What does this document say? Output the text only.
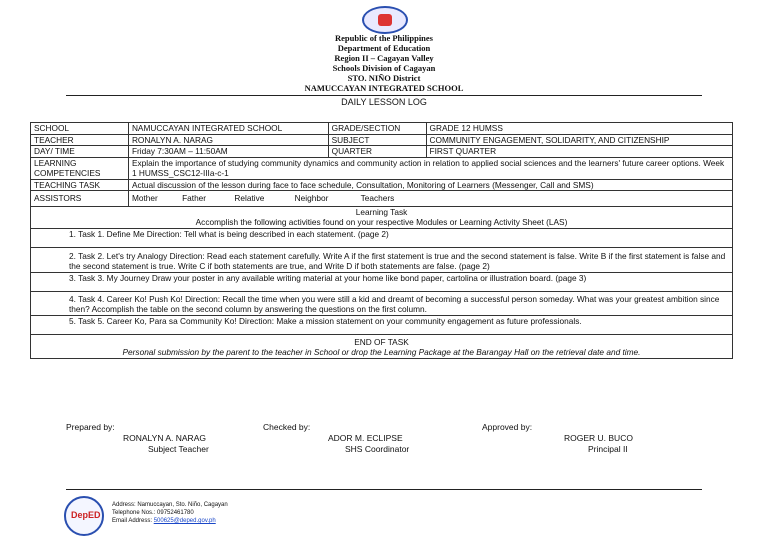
Republic of the Philippines
Department of Education
Region II – Cagayan Valley
Schools Division of Cagayan
STO. NIÑO District
NAMUCCAYAN INTEGRATED SCHOOL
DAILY LESSON LOG
SCHOOL	NAMUCCAYAN INTEGRATED SCHOOL	GRADE/SECTION	GRADE 12 HUMSS
TEACHER	RONALYN A. NARAG	SUBJECT	COMMUNITY ENGAGEMENT, SOLIDARITY, AND CITIZENSHIP
DAY/ TIME	Friday 7:30AM – 11:50AM	QUARTER	FIRST QUARTER
LEARNING
COMPETENCIES	Explain the importance of studying community dynamics and community action in relation to applied social sciences and the learners' future career options. Week 1 HUMSS_CSC12-IIIa-c-1		
TEACHING TASK	Actual discussion of the lesson during face to face schedule, Consultation, Monitoring of Learners (Messenger, Call and SMS)		
ASSISTORS	Mother Father Relative Neighbor Teachers		

Learning Task
Accomplish the following activities found on your respective Modules or Learning Activity Sheet (LAS)			

1. Task 1. Define Me Direction: Tell what is being described in each statement. (page 2)			
2. Task 2. Let's try Analogy Direction: Read each statement carefully. Write A if the first statement is true and the second statement is false. Write B if the first statement is false and the second statement is true. Write C if both statements are true, and Write D if both statements are false. (page 2)			
3. Task 3. My Journey Draw your poster in any available writing material at your home like bond paper, cartolina or illustration board. (page 3)			
4. Task 4. Career Ko! Push Ko! Direction: Recall the time when you were still a kid and dreamt of becoming a successful person someday. What was your greatest ambition since then? Accomplish the table on the second column by answering the questions on the first column.			
5. Task 5. Career Ko, Para sa Community Ko! Direction: Make a mission statement on your community engagement as future professionals.			

END OF TASK
Personal submission by the parent to the teacher in School or drop the Learning Package at the Barangay Hall on the retrieval date and time.			
Prepared by:
RONALYN A. NARAG
Subject Teacher
Checked by:
ADOR M. ECLIPSE
SHS Coordinator
Approved by:
ROGER U. BUCO
Principal II
DepED
Address: Namuccayan, Sto. Niño, Cagayan
Telephone Nos.: 09752461780
Email Address: 500625@deped.gov.ph
